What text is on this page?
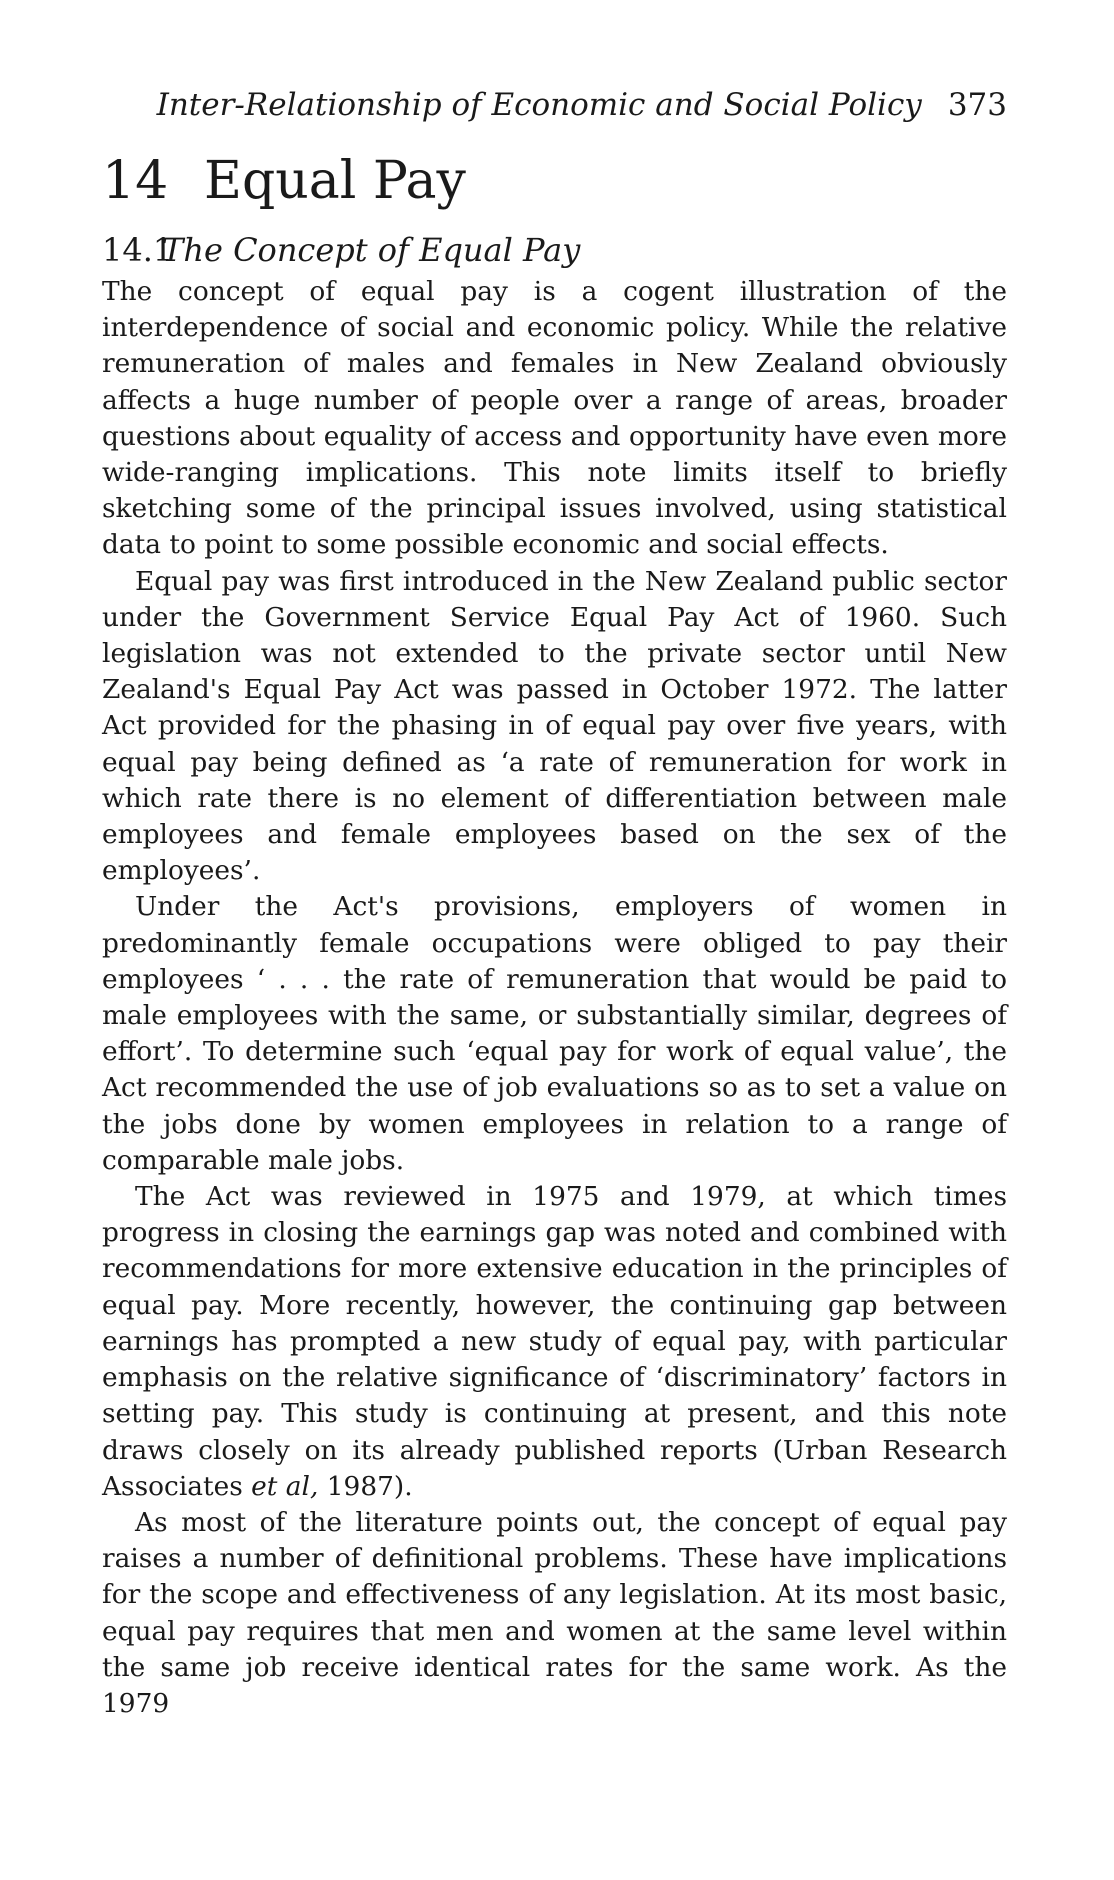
Inter-Relationship of Economic and Social Policy 373
14 Equal Pay
14.1
The Concept of Equal Pay

The concept of equal pay is a cogent illustration of the interdependence of social and economic policy. While the relative remuneration of males and females in New Zealand obviously affects a huge number of people over a range of areas, broader questions about equality of access and opportunity have even more wide-ranging implications. This note limits itself to briefly sketching some of the principal issues involved, using statistical data to point to some possible economic and social effects.

Equal pay was first introduced in the New Zealand public sector under the Government Service Equal Pay Act of 1960. Such legislation was not extended to the private sector until New Zealand's Equal Pay Act was passed in October 1972. The latter Act provided for the phasing in of equal pay over five years, with equal pay being defined as ‘a rate of remuneration for work in which rate there is no element of differentiation between male employees and female employees based on the sex of the employees’.

Under the Act's provisions, employers of women in predominantly female occupations were obliged to pay their employees ‘ . . . the rate of remuneration that would be paid to male employees with the same, or substantially similar, degrees of effort’. To determine such ‘equal pay for work of equal value’, the Act recommended the use of job evaluations so as to set a value on the jobs done by women employees in relation to a range of comparable male jobs.

The Act was reviewed in 1975 and 1979, at which times progress in closing the earnings gap was noted and combined with recommendations for more extensive education in the principles of equal pay. More recently, however, the continuing gap between earnings has prompted a new study of equal pay, with particular emphasis on the relative significance of ‘discriminatory’ factors in setting pay. This study is continuing at present, and this note draws closely on its already published reports (Urban Research Associates et al, 1987).

As most of the literature points out, the concept of equal pay raises a number of definitional problems. These have implications for the scope and effectiveness of any legislation. At its most basic, equal pay requires that men and women at the same level within the same job receive identical rates for the same work. As the 1979
